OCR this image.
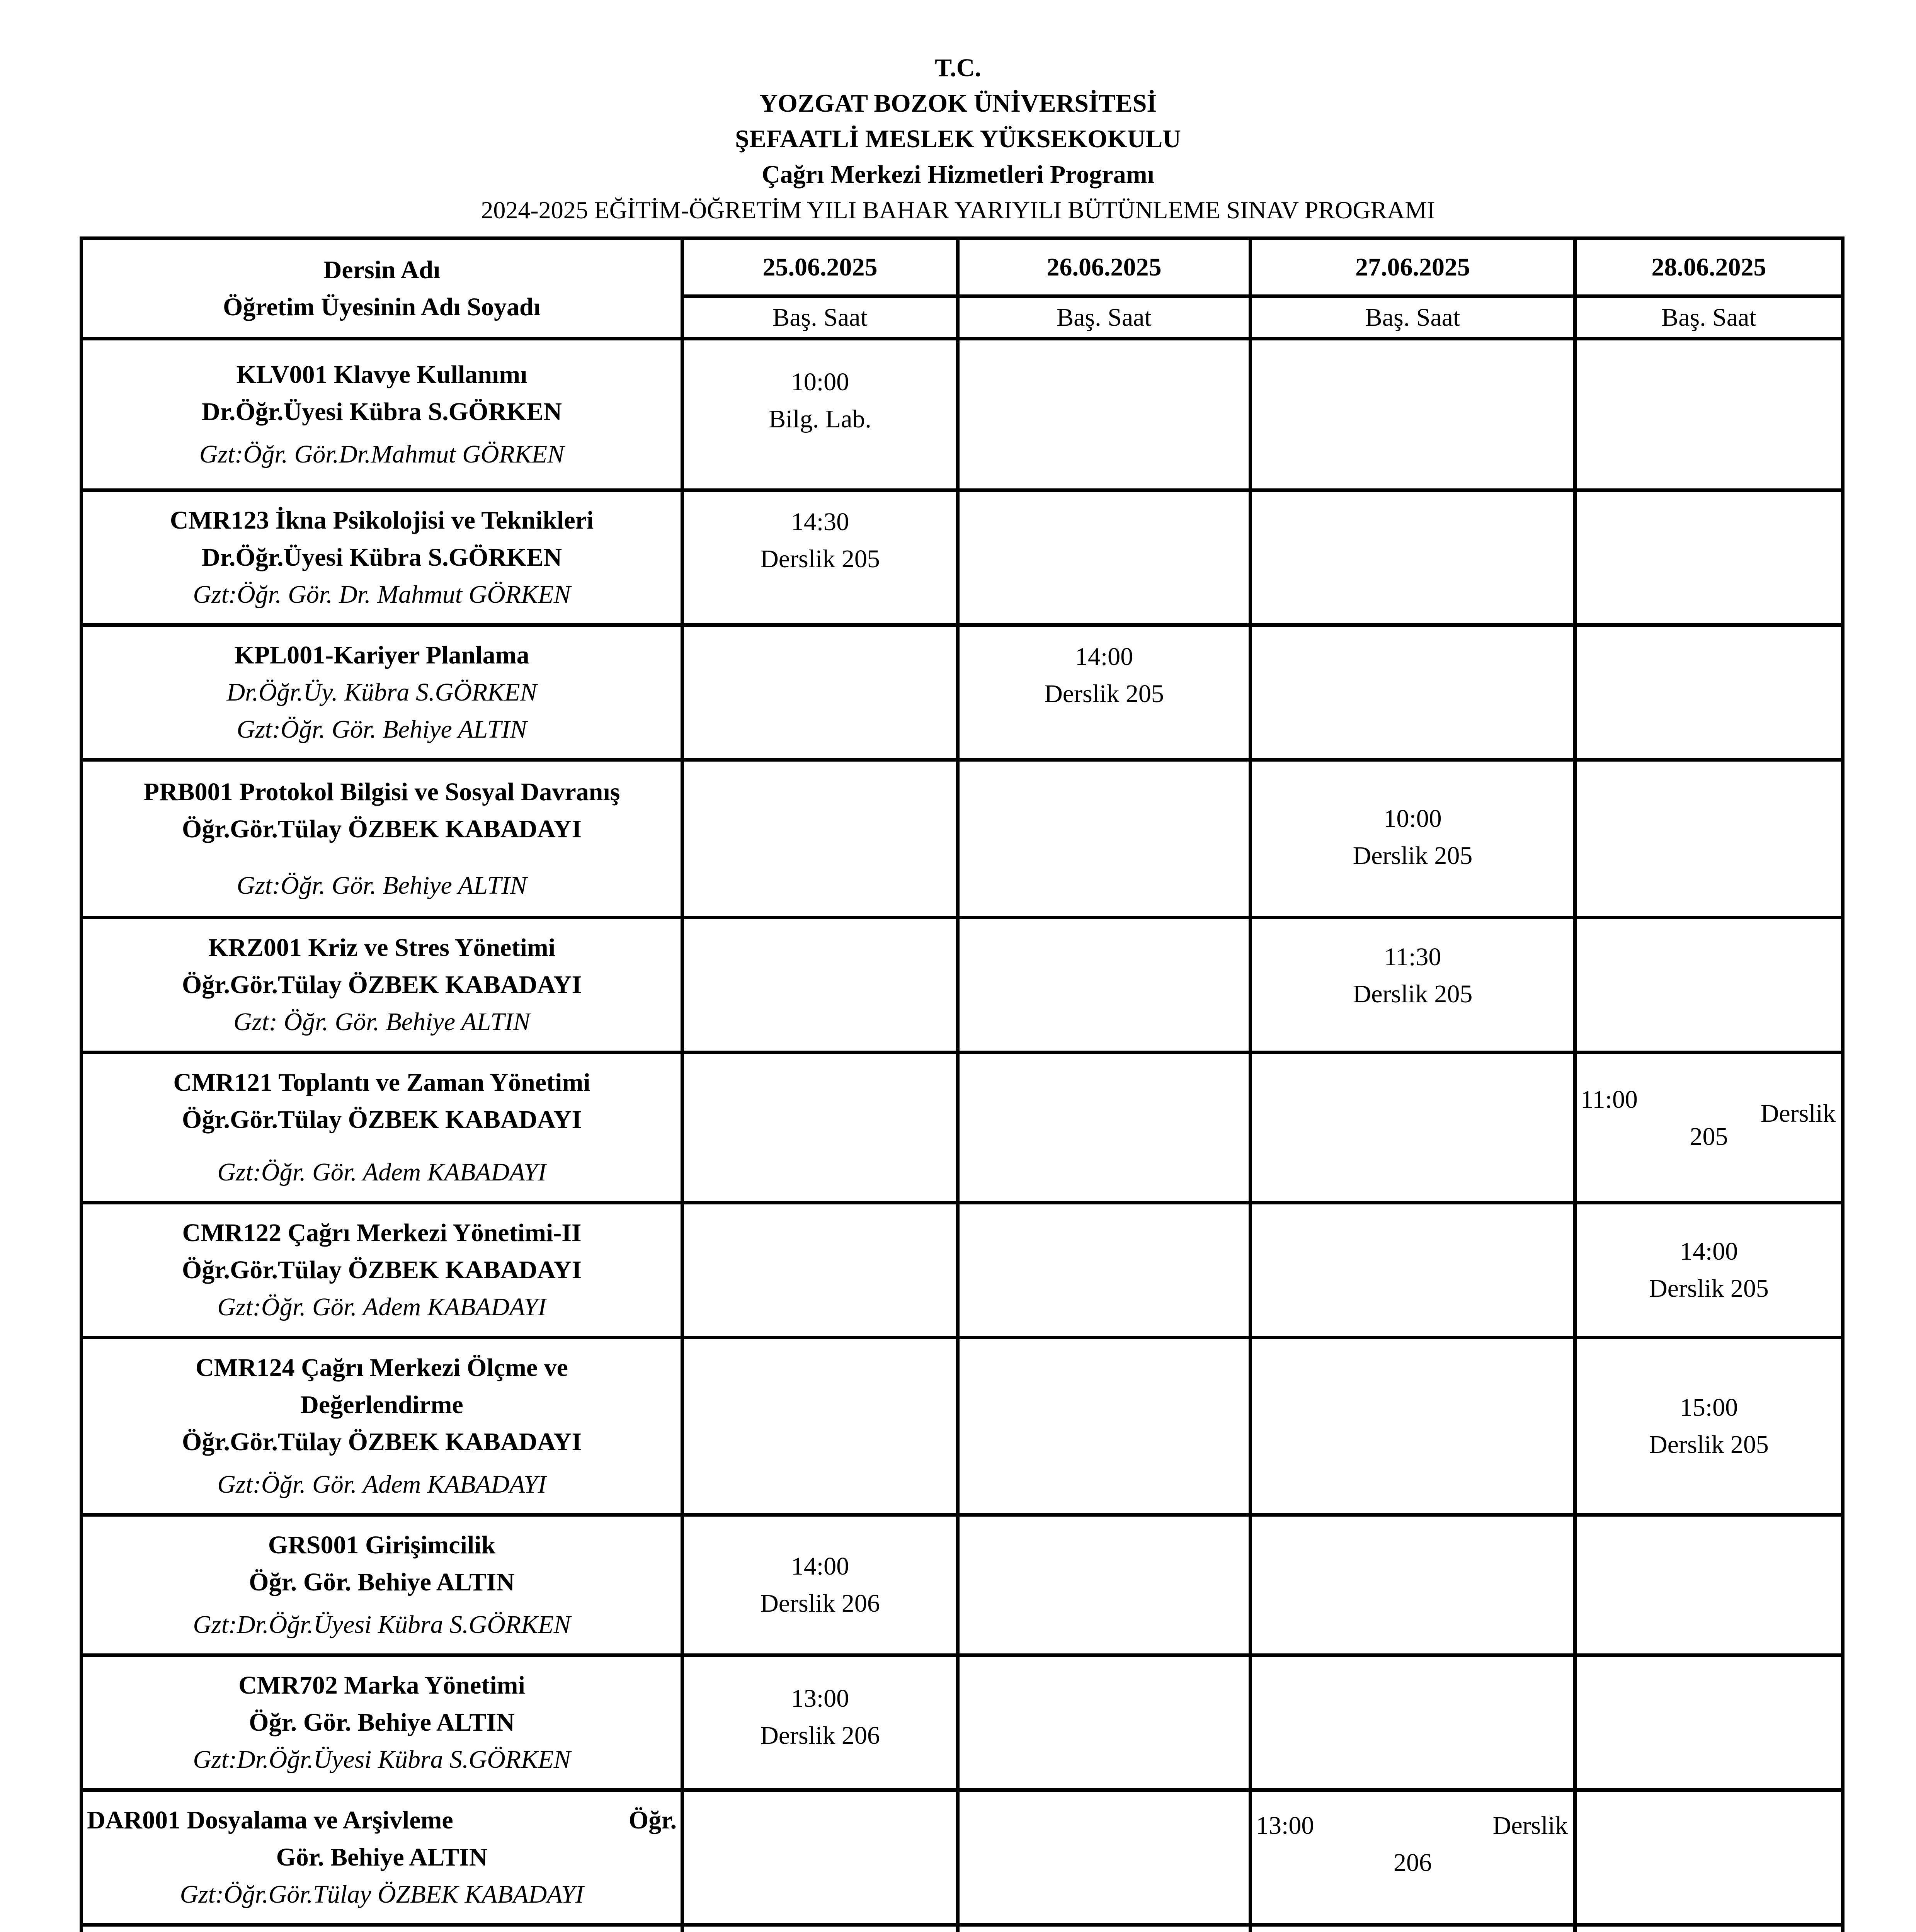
T.C.
YOZGAT BOZOK ÜNİVERSİTESİ
ŞEFAATLİ MESLEK YÜKSEKOKULU
Çağrı Merkezi Hizmetleri Programı
2024-2025 EĞİTİM-ÖĞRETİM YILI BAHAR YARIYILI BÜTÜNLEME SINAV PROGRAMI
Dersin Adı
Öğretim Üyesinin Adı Soyadı	25.06.2025	26.06.2025	27.06.2025	28.06.2025
	Baş. Saat	Baş. Saat	Baş. Saat	Baş. Saat

KLV001 Klavye Kullanımı
Dr.Öğr.Üyesi Kübra S.GÖRKEN
Gzt:Öğr. Gör.Dr.Mahmut GÖRKEN	10:00
Bilg. Lab.			

CMR123 İkna Psikolojisi ve Teknikleri
Dr.Öğr.Üyesi Kübra S.GÖRKEN
Gzt:Öğr. Gör. Dr. Mahmut GÖRKEN	14:30
Derslik 205			

KPL001-Kariyer Planlama
Dr.Öğr.Üy. Kübra S.GÖRKEN
Gzt:Öğr. Gör. Behiye ALTIN		14:00
Derslik 205		

PRB001 Protokol Bilgisi ve Sosyal Davranış
Öğr.Gör.Tülay ÖZBEK KABADAYI
Gzt:Öğr. Gör. Behiye ALTIN			10:00
Derslik 205	

KRZ001 Kriz ve Stres Yönetimi
Öğr.Gör.Tülay ÖZBEK KABADAYI
Gzt: Öğr. Gör. Behiye ALTIN			11:30
Derslik 205	

CMR121 Toplantı ve Zaman Yönetimi
Öğr.Gör.Tülay ÖZBEK KABADAYI
Gzt:Öğr. Gör. Adem KABADAYI				11:00 Derslik
205

CMR122 Çağrı Merkezi Yönetimi-II
Öğr.Gör.Tülay ÖZBEK KABADAYI
Gzt:Öğr. Gör. Adem KABADAYI				14:00
Derslik 205

CMR124 Çağrı Merkezi Ölçme ve
Değerlendirme
Öğr.Gör.Tülay ÖZBEK KABADAYI
Gzt:Öğr. Gör. Adem KABADAYI				15:00
Derslik 205

GRS001 Girişimcilik
Öğr. Gör. Behiye ALTIN
Gzt:Dr.Öğr.Üyesi Kübra S.GÖRKEN	14:00
Derslik 206			

CMR702 Marka Yönetimi
Öğr. Gör. Behiye ALTIN
Gzt:Dr.Öğr.Üyesi Kübra S.GÖRKEN	13:00
Derslik 206			

DAR001 Dosyalama ve Arşivleme Öğr.
Gör. Behiye ALTIN
Gzt:Öğr.Gör.Tülay ÖZBEK KABADAYI			13:00 Derslik
206	
